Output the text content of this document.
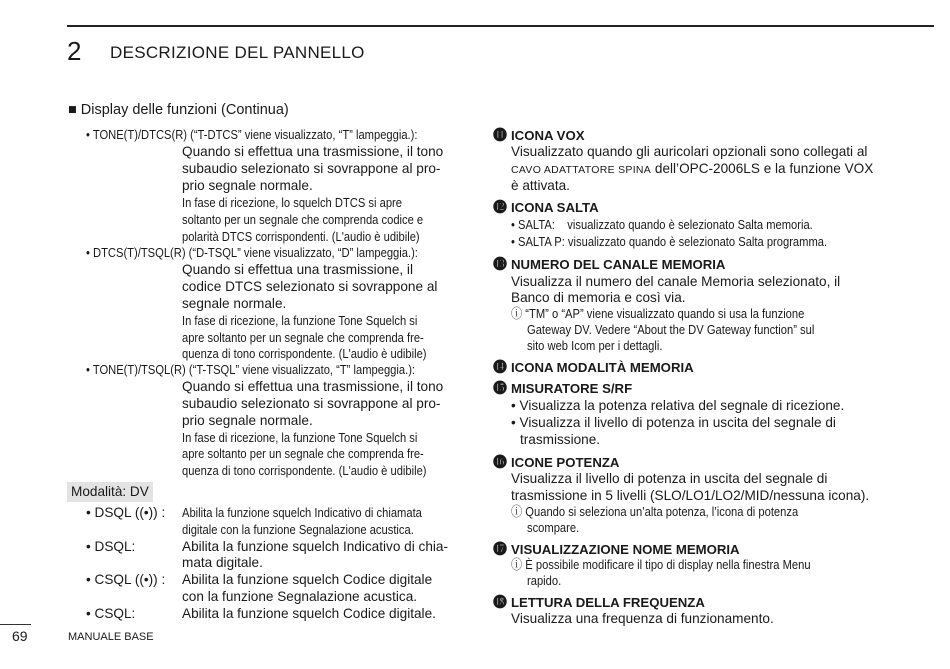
2 DESCRIZIONE DEL PANNELLO
■ Display delle funzioni (Continua)
• TONE(T)/DTCS(R) (“T-DTCS” viene visualizzato, “T” lampeggia.):
Quando si effettua una trasmissione, il tono
subaudio selezionato si sovrappone al pro-
prio segnale normale.
In fase di ricezione, lo squelch DTCS si apre
soltanto per un segnale che comprenda codice e
polarità DTCS corrispondenti. (L'audio è udibile)
• DTCS(T)/TSQL(R) (“D-TSQL” viene visualizzato, “D” lampeggia.):
Quando si effettua una trasmissione, il
codice DTCS selezionato si sovrappone al
segnale normale.
In fase di ricezione, la funzione Tone Squelch si
apre soltanto per un segnale che comprenda fre-
quenza di tono corrispondente. (L'audio è udibile)
• TONE(T)/TSQL(R) (“T-TSQL” viene visualizzato, “T” lampeggia.):
Quando si effettua una trasmissione, il tono
subaudio selezionato si sovrappone al pro-
prio segnale normale.
In fase di ricezione, la funzione Tone Squelch si
apre soltanto per un segnale che comprenda fre-
quenza di tono corrispondente. (L'audio è udibile)
Modalità: DV
• DSQL ((•)) : Abilita la funzione squelch Indicativo di chiamata
digitale con la funzione Segnalazione acustica.
• DSQL:	Abilita la funzione squelch Indicativo di chia-
mata digitale.
• CSQL ((•)) : Abilita la funzione squelch Codice digitale
con la funzione Segnalazione acustica.
• CSQL:	Abilita la funzione squelch Codice digitale.
⓫ ICONA VOX
Visualizzato quando gli auricolari opzionali sono collegati al
CAVO ADATTATORE SPINA dell’OPC-2006LS e la funzione VOX
è attivata.
⓬ ICONA SALTA
• SALTA:    visualizzato quando è selezionato Salta memoria.
• SALTA P: visualizzato quando è selezionato Salta programma.
⓭ NUMERO DEL CANALE MEMORIA
Visualizza il numero del canale Memoria selezionato, il
Banco di memoria e così via.
ⓘ “TM” o “AP” viene visualizzato quando si usa la funzione
Gateway DV. Vedere “About the DV Gateway function” sul
sito web Icom per i dettagli.
⓮ ICONA MODALITÀ MEMORIA
⓯ MISURATORE S/RF
• Visualizza la potenza relativa del segnale di ricezione.
• Visualizza il livello di potenza in uscita del segnale di
trasmissione.
⓰ ICONE POTENZA
Visualizza il livello di potenza in uscita del segnale di
trasmissione in 5 livelli (SLO/LO1/LO2/MID/nessuna icona).
ⓘ Quando si seleziona un’alta potenza, l’icona di potenza
scompare.
⓱ VISUALIZZAZIONE NOME MEMORIA
ⓘ È possibile modificare il tipo di display nella finestra Menu
rapido.
⓲ LETTURA DELLA FREQUENZA
Visualizza una frequenza di funzionamento.
69	MANUALE BASE
